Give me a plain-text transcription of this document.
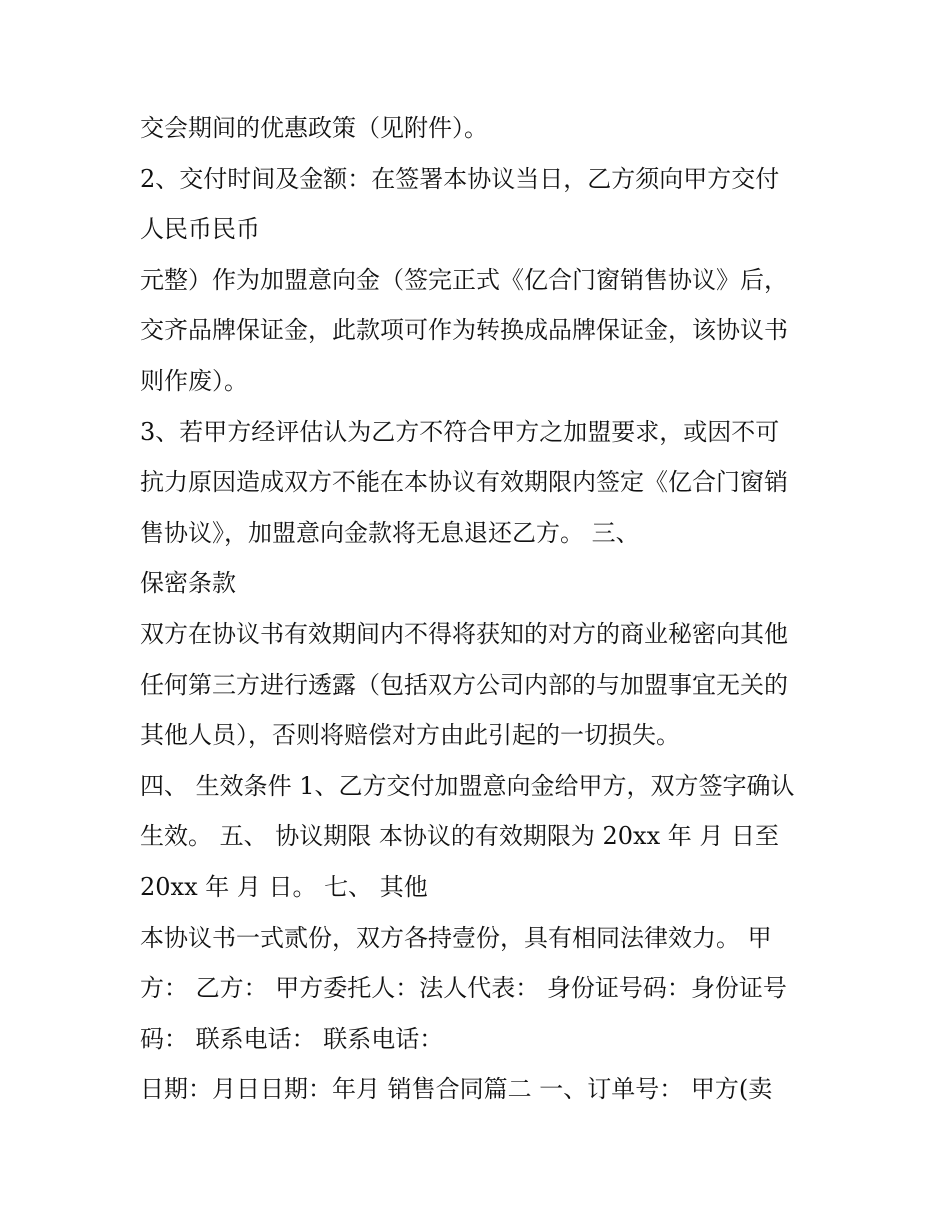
交会期间的优惠政策（见附件）。
2、交付时间及金额：在签署本协议当日，乙方须向甲方交付
人民币民币
元整）作为加盟意向金（签完正式《亿合门窗销售协议》后，
交齐品牌保证金，此款项可作为转换成品牌保证金，该协议书
则作废）。
3、若甲方经评估认为乙方不符合甲方之加盟要求，或因不可
抗力原因造成双方不能在本协议有效期限内签定《亿合门窗销
售协议》，加盟意向金款将无息退还乙方。 三、
保密条款
双方在协议书有效期间内不得将获知的对方的商业秘密向其他
任何第三方进行透露（包括双方公司内部的与加盟事宜无关的
其他人员），否则将赔偿对方由此引起的一切损失。
四、 生效条件 1、乙方交付加盟意向金给甲方，双方签字确认
生效。 五、 协议期限 本协议的有效期限为 20xx 年 月 日至
20xx 年 月 日。 七、 其他
本协议书一式贰份，双方各持壹份，具有相同法律效力。 甲
方： 乙方： 甲方委托人：法人代表： 身份证号码：身份证号
码： 联系电话： 联系电话：
日期：月日日期：年月 销售合同篇二 一、订单号： 甲方(卖
